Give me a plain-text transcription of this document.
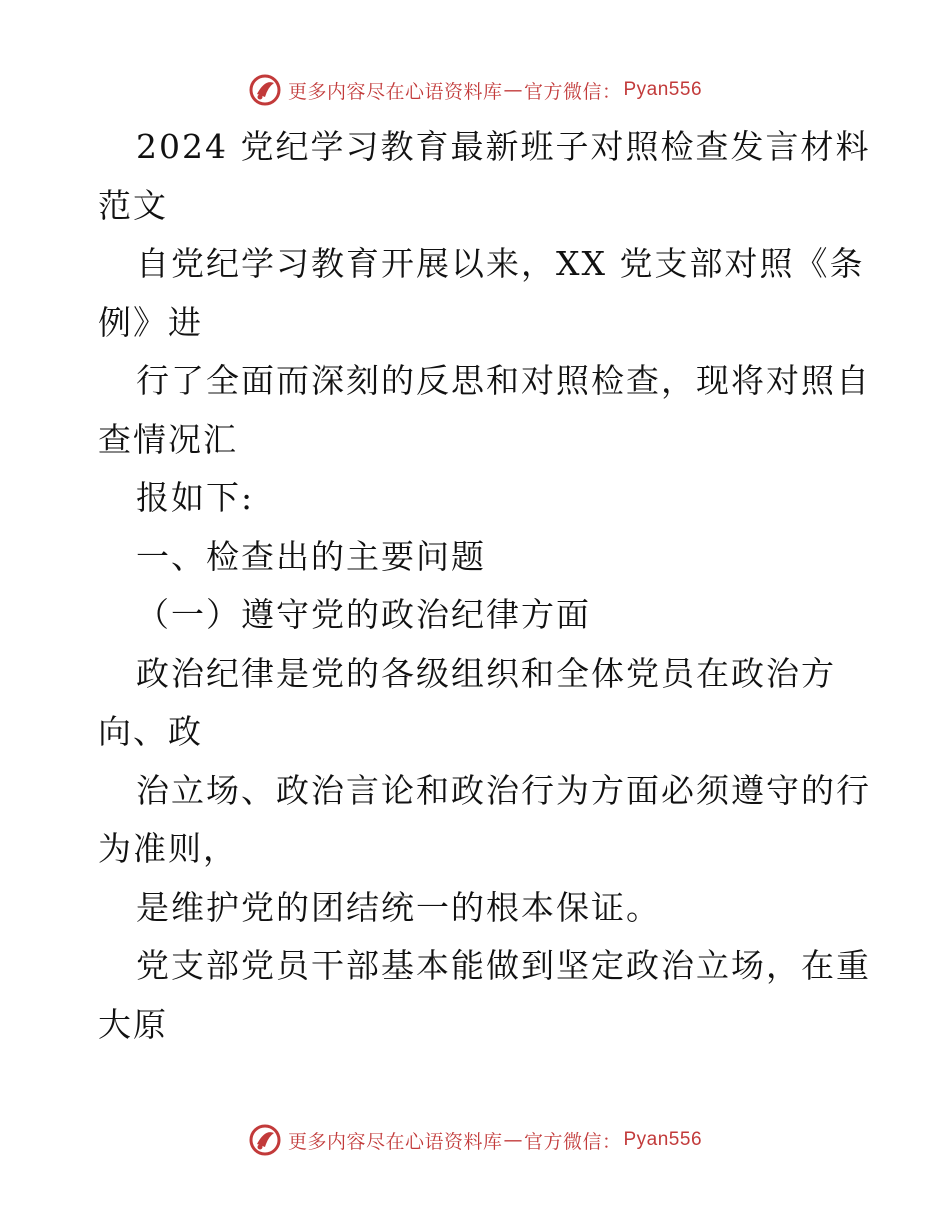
更多内容尽在心语资料库 — 官方微信： Pyan556
2024 党纪学习教育最新班子对照检查发言材料
范文
自党纪学习教育开展以来，XX 党支部对照《条
例》进
行了全面而深刻的反思和对照检查，现将对照自
查情况汇
报如下:
一、检查出的主要问题
（一）遵守党的政治纪律方面
政治纪律是党的各级组织和全体党员在政治方
向、政
治立场、政治言论和政治行为方面必须遵守的行
为准则，
是维护党的团结统一的根本保证。
党支部党员干部基本能做到坚定政治立场，在重
大原
更多内容尽在心语资料库 — 官方微信： Pyan556
